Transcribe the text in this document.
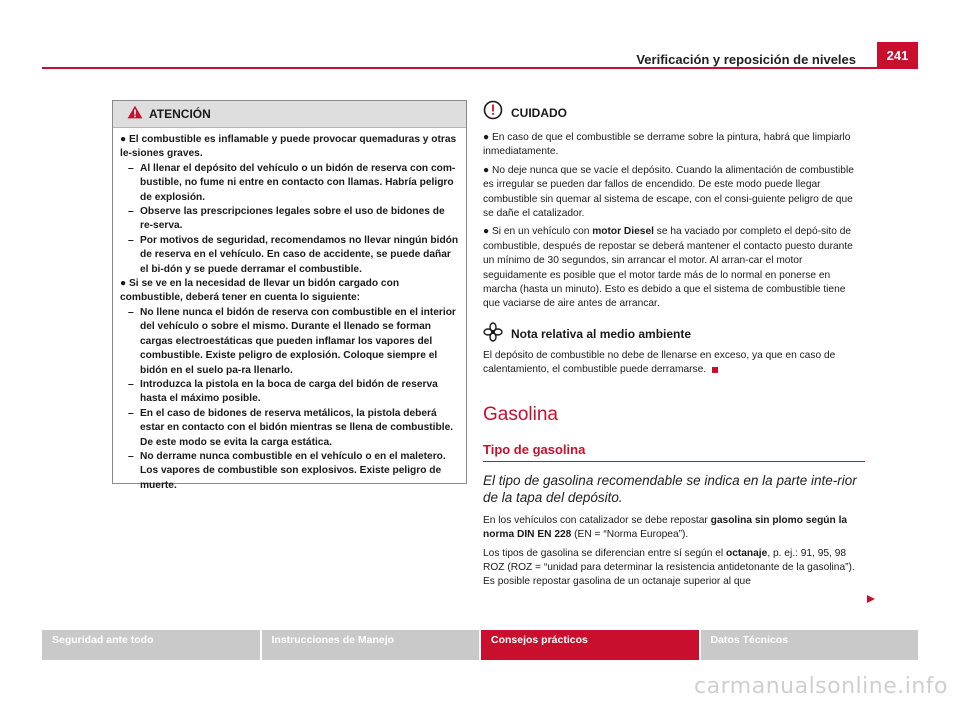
241
Verificación y reposición de niveles
ATENCIÓN

● El combustible es inflamable y puede provocar quemaduras y otras le-siones graves.

– Al llenar el depósito del vehículo o un bidón de reserva con com-bustible, no fume ni entre en contacto con llamas. Habría peligro de explosión.

– Observe las prescripciones legales sobre el uso de bidones de re-serva.

– Por motivos de seguridad, recomendamos no llevar ningún bidón de reserva en el vehículo. En caso de accidente, se puede dañar el bi-dón y se puede derramar el combustible.

● Si se ve en la necesidad de llevar un bidón cargado con combustible, deberá tener en cuenta lo siguiente:

– No llene nunca el bidón de reserva con combustible en el interior del vehículo o sobre el mismo. Durante el llenado se forman cargas electroestáticas que pueden inflamar los vapores del combustible. Existe peligro de explosión. Coloque siempre el bidón en el suelo pa-ra llenarlo.

– Introduzca la pistola en la boca de carga del bidón de reserva hasta el máximo posible.

– En el caso de bidones de reserva metálicos, la pistola deberá estar en contacto con el bidón mientras se llena de combustible. De este modo se evita la carga estática.

– No derrame nunca combustible en el vehículo o en el maletero. Los vapores de combustible son explosivos. Existe peligro de muerte.

CUIDADO

● En caso de que el combustible se derrame sobre la pintura, habrá que limpiarlo inmediatamente.

● No deje nunca que se vacíe el depósito. Cuando la alimentación de combustible es irregular se pueden dar fallos de encendido. De este modo puede llegar combustible sin quemar al sistema de escape, con el consi-guiente peligro de que se dañe el catalizador.

● Si en un vehículo con motor Diesel se ha vaciado por completo el depó-sito de combustible, después de repostar se deberá mantener el contacto puesto durante un mínimo de 30 segundos, sin arrancar el motor. Al arran-car el motor seguidamente es posible que el motor tarde más de lo normal en ponerse en marcha (hasta un minuto). Esto es debido a que el sistema de combustible tiene que vaciarse de aire antes de arrancar.

Nota relativa al medio ambiente

El depósito de combustible no debe de llenarse en exceso, ya que en caso de calentamiento, el combustible puede derramarse.

Gasolina
Tipo de gasolina

El tipo de gasolina recomendable se indica en la parte inte-rior de la tapa del depósito.

En los vehículos con catalizador se debe repostar gasolina sin plomo según la norma DIN EN 228 (EN = “Norma Europea”).

Los tipos de gasolina se diferencian entre sí según el octanaje, p. ej.: 91, 95, 98 ROZ (ROZ = “unidad para determinar la resistencia antidetonante de la gasolina”). Es posible repostar gasolina de un octanaje superior al que

Seguridad ante todo	Instrucciones de Manejo	Consejos prácticos	Datos Técnicos
carmanualsonline.info
